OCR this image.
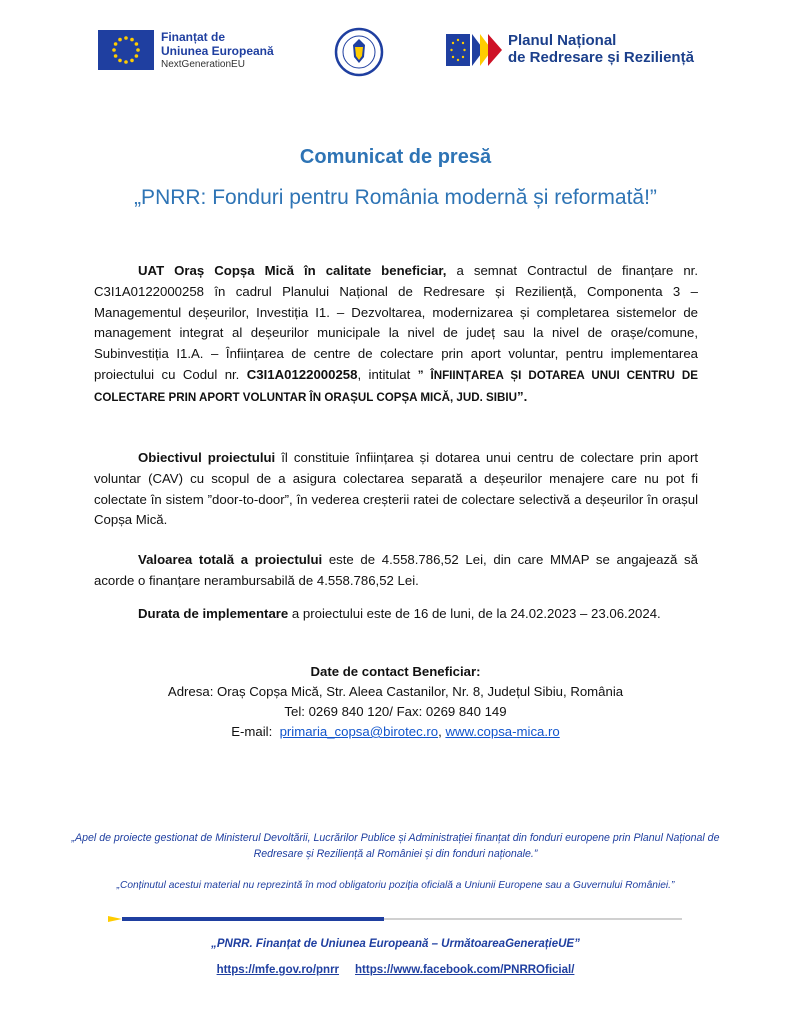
Finanțat de
Uniunea Europeană
NextGenerationEU
Planul Național
de Redresare și Reziliență
Comunicat de presă
„PNRR: Fonduri pentru România modernă și reformată!”
UAT Oraș Copșa Mică în calitate beneficiar, a semnat Contractul de finanțare nr. C3I1A0122000258 în cadrul Planului Național de Redresare și Reziliență, Componenta 3 – Managementul deșeurilor, Investiția I1. – Dezvoltarea, modernizarea și completarea sistemelor de management integrat al deșeurilor municipale la nivel de județ sau la nivel de orașe/comune, Subinvestiția I1.A. – Înființarea de centre de colectare prin aport voluntar, pentru implementarea proiectului cu Codul nr. C3I1A0122000258, intitulat ” ÎNFIINȚAREA ȘI DOTAREA UNUI CENTRU DE COLECTARE PRIN APORT VOLUNTAR ÎN ORAȘUL COPȘA MICĂ, JUD. SIBIU”.
Obiectivul proiectului îl constituie înființarea și dotarea unui centru de colectare prin aport voluntar (CAV) cu scopul de a asigura colectarea separată a deșeurilor menajere care nu pot fi colectate în sistem ”door-to-door”, în vederea creșterii ratei de colectare selectivă a deșeurilor în orașul Copșa Mică.
Valoarea totală a proiectului este de 4.558.786,52 Lei, din care MMAP se angajează să acorde o finanțare nerambursabilă de 4.558.786,52 Lei.
Durata de implementare a proiectului este de 16 de luni, de la 24.02.2023 – 23.06.2024.
Date de contact Beneficiar:
Adresa: Oraș Copșa Mică, Str. Aleea Castanilor, Nr. 8, Județul Sibiu, România
Tel: 0269 840 120/ Fax: 0269 840 149
E-mail: primaria_copsa@birotec.ro, www.copsa-mica.ro
„Apel de proiecte gestionat de Ministerul Devoltării, Lucrărilor Publice și Administrației finanțat din fonduri europene prin Planul Național de Redresare și Reziliență al României și din fonduri naționale.”
„Conținutul acestui material nu reprezintă în mod obligatoriu poziția oficială a Uniunii Europene sau a Guvernului României.”
„PNRR. Finanțat de Uniunea Europeană – UrmătoareaGenerațieUE”
https://mfe.gov.ro/pnrr https://www.facebook.com/PNRROficial/
